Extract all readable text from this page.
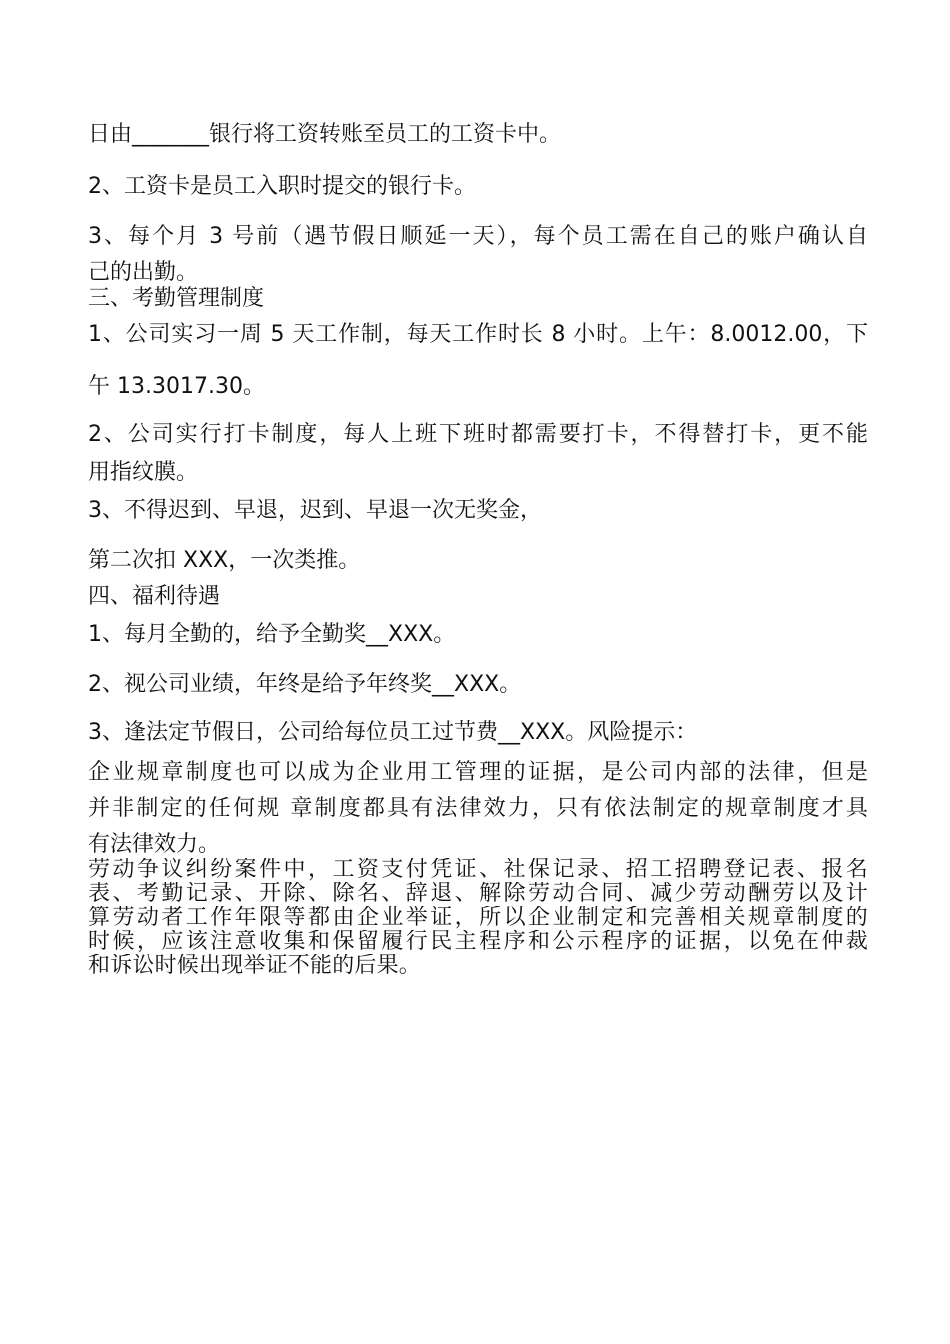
日由_______银行将工资转账至员工的工资卡中。
2、工资卡是员工入职时提交的银行卡。
3、每个月 3 号前（遇节假日顺延一天），每个员工需在自己的账户确认自
己的出勤。
三、考勤管理制度
1、公司实习一周 5 天工作制，每天工作时长 8 小时。上午：8.0012.00，下
午 13.3017.30。
2、公司实行打卡制度，每人上班下班时都需要打卡，不得替打卡，更不能
用指纹膜。
3、不得迟到、早退，迟到、早退一次无奖金，
第二次扣 XXX，一次类推。
四、福利待遇
1、每月全勤的，给予全勤奖__XXX。
2、视公司业绩，年终是给予年终奖__XXX。
3、逢法定节假日，公司给每位员工过节费__XXX。风险提示：
企业规章制度也可以成为企业用工管理的证据，是公司内部的法律，但是
并非制定的任何规 章制度都具有法律效力，只有依法制定的规章制度才具
有法律效力。
劳动争议纠纷案件中，工资支付凭证、社保记录、招工招聘登记表、报名
表、考勤记录、开除、除名、辞退、解除劳动合同、减少劳动酬劳以及计
算劳动者工作年限等都由企业举证，所以企业制定和完善相关规章制度的
时候，应该注意收集和保留履行民主程序和公示程序的证据，以免在仲裁
和诉讼时候出现举证不能的后果。
